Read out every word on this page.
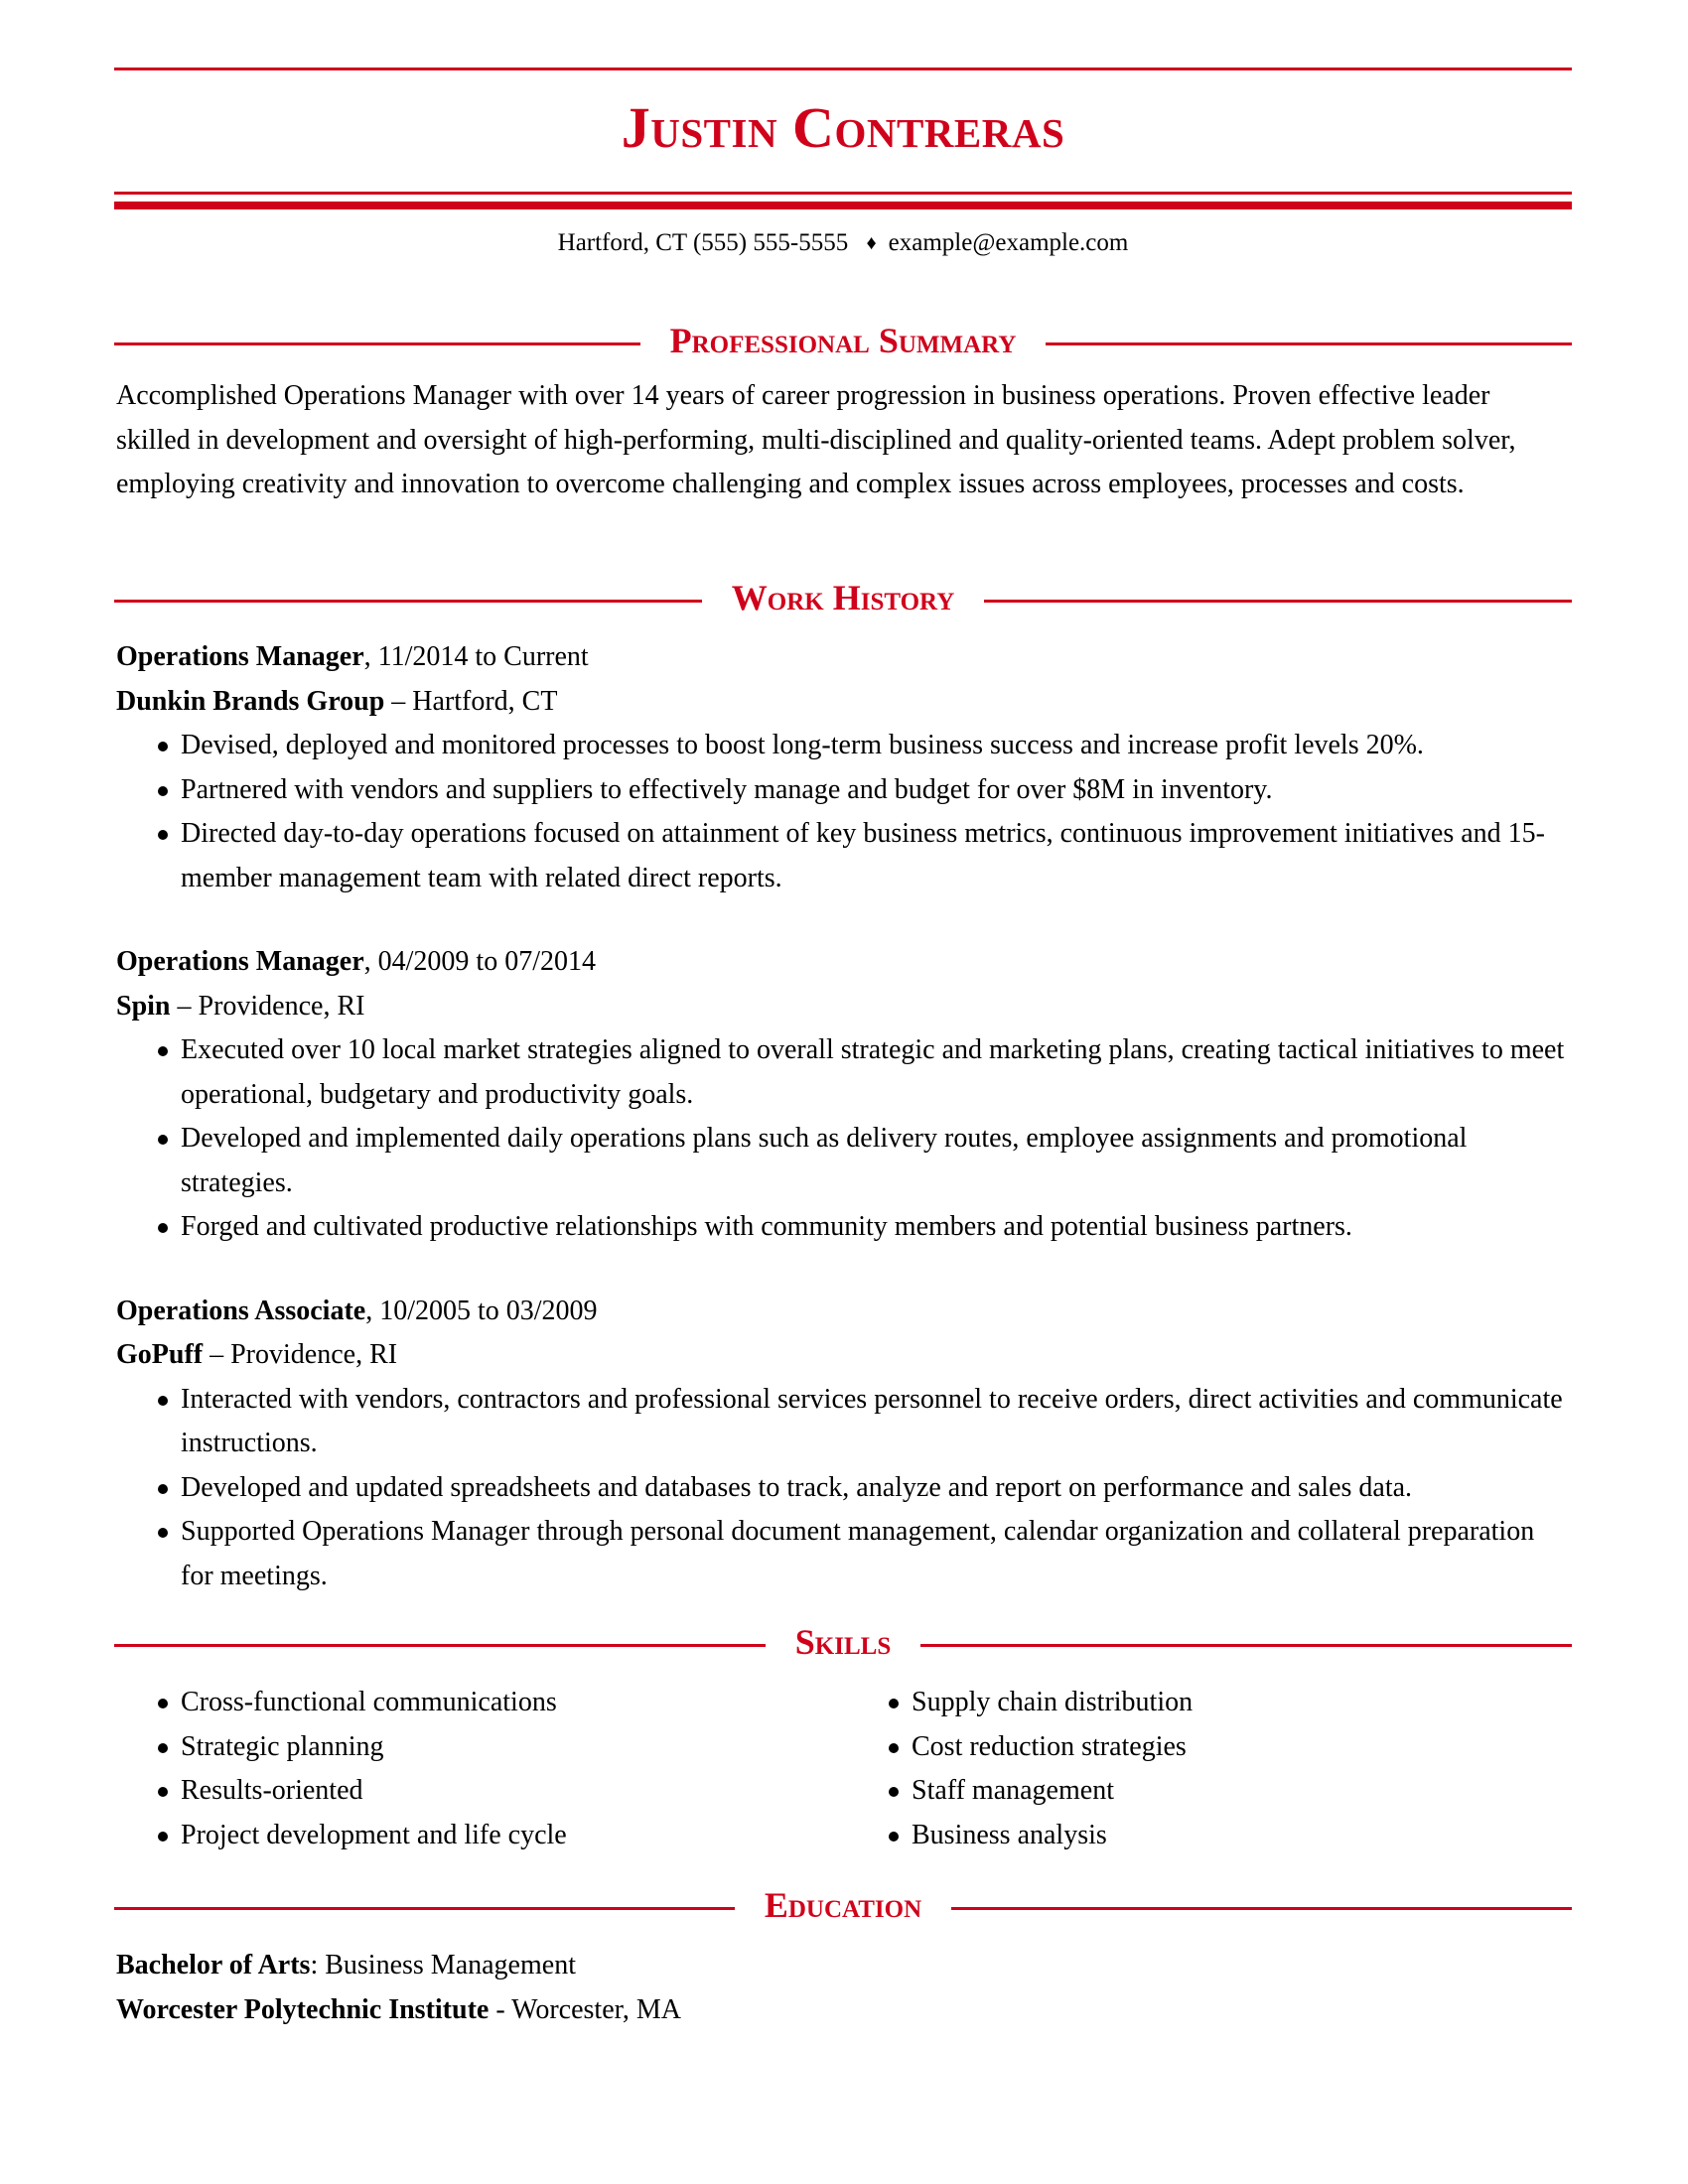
Justin Contreras
Hartford, CT (555) 555-5555 ♦ example@example.com
Professional Summary
Accomplished Operations Manager with over 14 years of career progression in business operations. Proven effective leader skilled in development and oversight of high-performing, multi-disciplined and quality-oriented teams. Adept problem solver, employing creativity and innovation to overcome challenging and complex issues across employees, processes and costs.
Work History
Operations Manager, 11/2014 to Current
Dunkin Brands Group – Hartford, CT
Devised, deployed and monitored processes to boost long-term business success and increase profit levels 20%.
Partnered with vendors and suppliers to effectively manage and budget for over $8M in inventory.
Directed day-to-day operations focused on attainment of key business metrics, continuous improvement initiatives and 15-member management team with related direct reports.
Operations Manager, 04/2009 to 07/2014
Spin – Providence, RI
Executed over 10 local market strategies aligned to overall strategic and marketing plans, creating tactical initiatives to meet operational, budgetary and productivity goals.
Developed and implemented daily operations plans such as delivery routes, employee assignments and promotional strategies.
Forged and cultivated productive relationships with community members and potential business partners.
Operations Associate, 10/2005 to 03/2009
GoPuff – Providence, RI
Interacted with vendors, contractors and professional services personnel to receive orders, direct activities and communicate instructions.
Developed and updated spreadsheets and databases to track, analyze and report on performance and sales data.
Supported Operations Manager through personal document management, calendar organization and collateral preparation for meetings.
Skills
Cross-functional communications
Strategic planning
Results-oriented
Project development and life cycle
Supply chain distribution
Cost reduction strategies
Staff management
Business analysis
Education
Bachelor of Arts: Business Management
Worcester Polytechnic Institute - Worcester, MA
